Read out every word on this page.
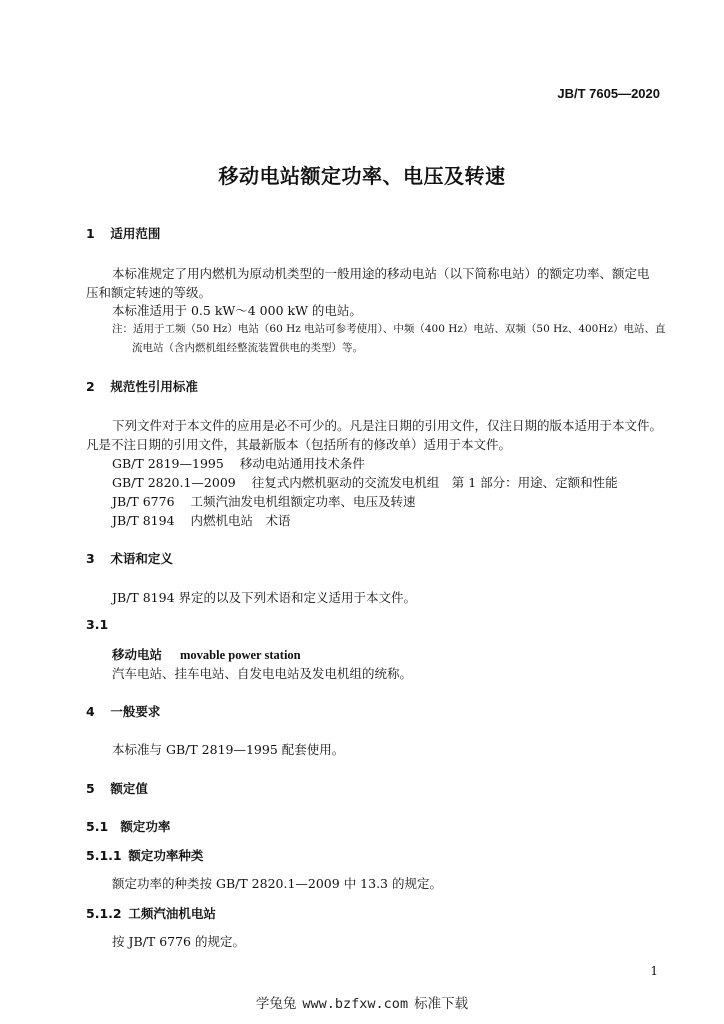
JB/T 7605—2020
移动电站额定功率、电压及转速
1 适用范围
本标准规定了用内燃机为原动机类型的一般用途的移动电站（以下简称电站）的额定功率、额定电
压和额定转速的等级。
本标准适用于 0.5 kW～4 000 kW 的电站。
注：适用于工频（50 Hz）电站（60 Hz 电站可参考使用）、中频（400 Hz）电站、双频（50 Hz、400Hz）电站、直
流电站（含内燃机组经整流装置供电的类型）等。
2 规范性引用标准
下列文件对于本文件的应用是必不可少的。凡是注日期的引用文件，仅注日期的版本适用于本文件。
凡是不注日期的引用文件，其最新版本（包括所有的修改单）适用于本文件。
GB/T 2819—1995 移动电站通用技术条件
GB/T 2820.1—2009 往复式内燃机驱动的交流发电机组　第 1 部分：用途、定额和性能
JB/T 6776 工频汽油发电机组额定功率、电压及转速
JB/T 8194 内燃机电站　术语
3 术语和定义
JB/T 8194 界定的以及下列术语和定义适用于本文件。
3.1
移动电站 movable power station
汽车电站、挂车电站、自发电电站及发电机组的统称。
4 一般要求
本标准与 GB/T 2819—1995 配套使用。
5 额定值
5.1 额定功率
5.1.1 额定功率种类
额定功率的种类按 GB/T 2820.1—2009 中 13.3 的规定。
5.1.2 工频汽油机电站
按 JB/T 6776 的规定。
1
学兔兔 www.bzfxw.com 标准下载
